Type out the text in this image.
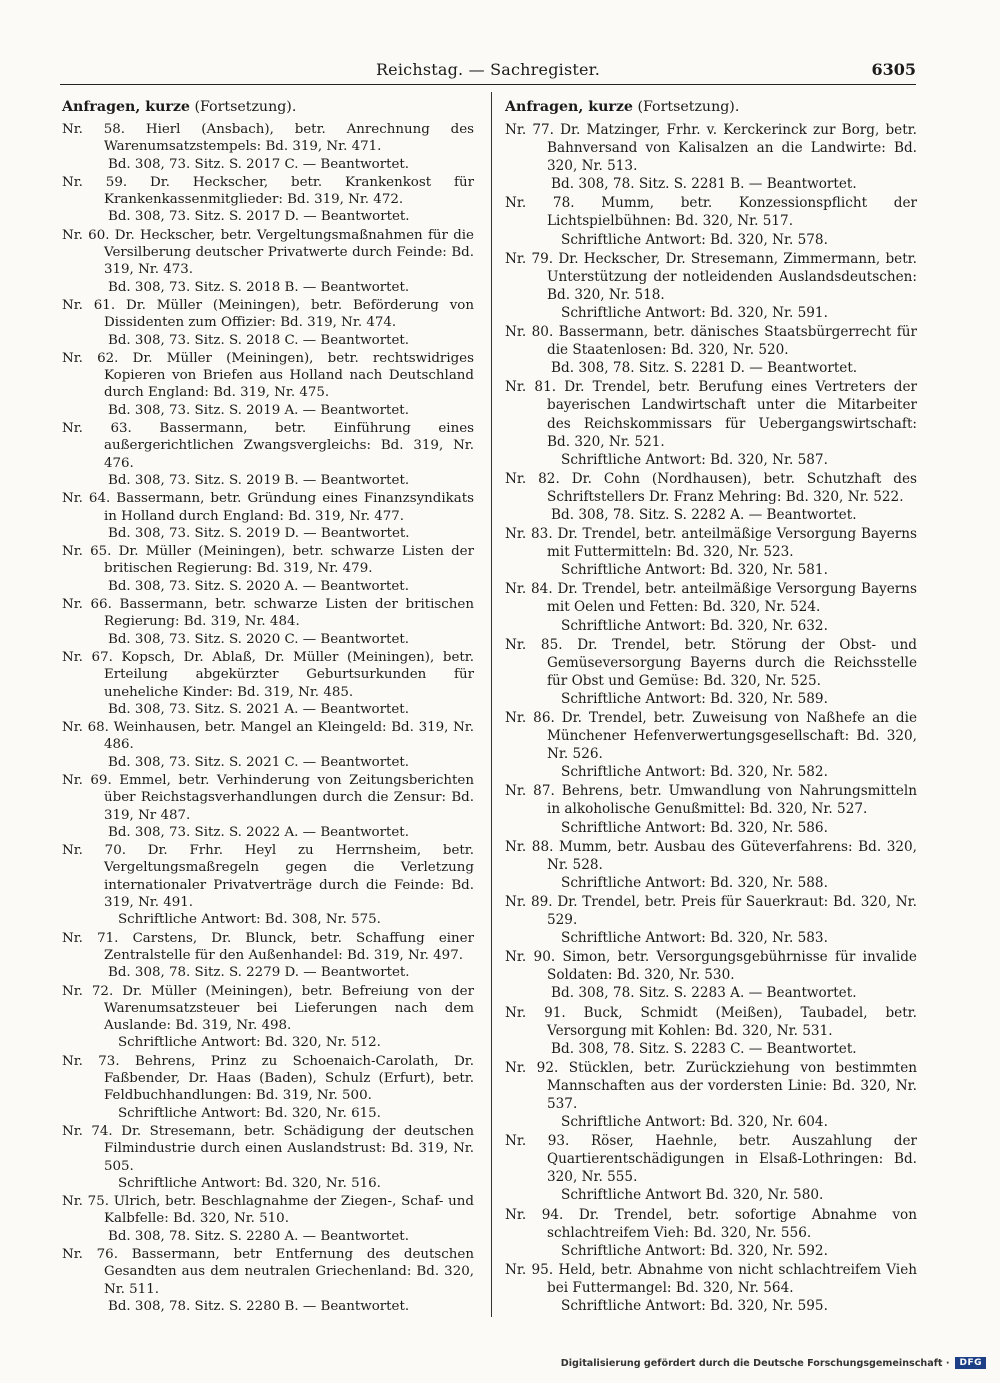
Reichstag. — Sachregister.	6305

Anfragen, kurze (Fortsetzung).

Nr. 58. Hierl (Ansbach), betr. Anrechnung des Warenumsatzstempels: Bd. 319, Nr. 471.
Bd. 308, 73. Sitz. S. 2017 C. — Beantwortet.

Nr. 59. Dr. Heckscher, betr. Krankenkost für Krankenkassenmitglieder: Bd. 319, Nr. 472.
Bd. 308, 73. Sitz. S. 2017 D. — Beantwortet.

Nr. 60. Dr. Heckscher, betr. Vergeltungsmaßnahmen für die Versilberung deutscher Privatwerte durch Feinde: Bd. 319, Nr. 473.
Bd. 308, 73. Sitz. S. 2018 B. — Beantwortet.

Nr. 61. Dr. Müller (Meiningen), betr. Beförderung von Dissidenten zum Offizier: Bd. 319, Nr. 474.
Bd. 308, 73. Sitz. S. 2018 C. — Beantwortet.

Nr. 62. Dr. Müller (Meiningen), betr. rechtswidriges Kopieren von Briefen aus Holland nach Deutschland durch England: Bd. 319, Nr. 475.
Bd. 308, 73. Sitz. S. 2019 A. — Beantwortet.

Nr. 63. Bassermann, betr. Einführung eines außergerichtlichen Zwangsvergleichs: Bd. 319, Nr. 476.
Bd. 308, 73. Sitz. S. 2019 B. — Beantwortet.

Nr. 64. Bassermann, betr. Gründung eines Finanzsyndikats in Holland durch England: Bd. 319, Nr. 477.
Bd. 308, 73. Sitz. S. 2019 D. — Beantwortet.

Nr. 65. Dr. Müller (Meiningen), betr. schwarze Listen der britischen Regierung: Bd. 319, Nr. 479.
Bd. 308, 73. Sitz. S. 2020 A. — Beantwortet.

Nr. 66. Bassermann, betr. schwarze Listen der britischen Regierung: Bd. 319, Nr. 484.
Bd. 308, 73. Sitz. S. 2020 C. — Beantwortet.

Nr. 67. Kopsch, Dr. Ablaß, Dr. Müller (Meiningen), betr. Erteilung abgekürzter Geburtsurkunden für uneheliche Kinder: Bd. 319, Nr. 485.
Bd. 308, 73. Sitz. S. 2021 A. — Beantwortet.

Nr. 68. Weinhausen, betr. Mangel an Kleingeld: Bd. 319, Nr. 486.
Bd. 308, 73. Sitz. S. 2021 C. — Beantwortet.

Nr. 69. Emmel, betr. Verhinderung von Zeitungsberichten über Reichstagsverhandlungen durch die Zensur: Bd. 319, Nr 487.
Bd. 308, 73. Sitz. S. 2022 A. — Beantwortet.

Nr. 70. Dr. Frhr. Heyl zu Herrnsheim, betr. Vergeltungsmaßregeln gegen die Verletzung internationaler Privatverträge durch die Feinde: Bd. 319, Nr. 491.
Schriftliche Antwort: Bd. 308, Nr. 575.

Nr. 71. Carstens, Dr. Blunck, betr. Schaffung einer Zentralstelle für den Außenhandel: Bd. 319, Nr. 497.
Bd. 308, 78. Sitz. S. 2279 D. — Beantwortet.

Nr. 72. Dr. Müller (Meiningen), betr. Befreiung von der Warenumsatzsteuer bei Lieferungen nach dem Auslande: Bd. 319, Nr. 498.
Schriftliche Antwort: Bd. 320, Nr. 512.

Nr. 73. Behrens, Prinz zu Schoenaich-Carolath, Dr. Faßbender, Dr. Haas (Baden), Schulz (Erfurt), betr. Feldbuchhandlungen: Bd. 319, Nr. 500.
Schriftliche Antwort: Bd. 320, Nr. 615.

Nr. 74. Dr. Stresemann, betr. Schädigung der deutschen Filmindustrie durch einen Auslandstrust: Bd. 319, Nr. 505.
Schriftliche Antwort: Bd. 320, Nr. 516.

Nr. 75. Ulrich, betr. Beschlagnahme der Ziegen-, Schaf- und Kalbfelle: Bd. 320, Nr. 510.
Bd. 308, 78. Sitz. S. 2280 A. — Beantwortet.

Nr. 76. Bassermann, betr Entfernung des deutschen Gesandten aus dem neutralen Griechenland: Bd. 320, Nr. 511.
Bd. 308, 78. Sitz. S. 2280 B. — Beantwortet.

Anfragen, kurze (Fortsetzung).

Nr. 77. Dr. Matzinger, Frhr. v. Kerckerinck zur Borg, betr. Bahnversand von Kalisalzen an die Landwirte: Bd. 320, Nr. 513.
Bd. 308, 78. Sitz. S. 2281 B. — Beantwortet.

Nr. 78. Mumm, betr. Konzessionspflicht der Lichtspielbühnen: Bd. 320, Nr. 517.
Schriftliche Antwort: Bd. 320, Nr. 578.

Nr. 79. Dr. Heckscher, Dr. Stresemann, Zimmermann, betr. Unterstützung der notleidenden Auslandsdeutschen: Bd. 320, Nr. 518.
Schriftliche Antwort: Bd. 320, Nr. 591.

Nr. 80. Bassermann, betr. dänisches Staatsbürgerrecht für die Staatenlosen: Bd. 320, Nr. 520.
Bd. 308, 78. Sitz. S. 2281 D. — Beantwortet.

Nr. 81. Dr. Trendel, betr. Berufung eines Vertreters der bayerischen Landwirtschaft unter die Mitarbeiter des Reichskommissars für Uebergangswirtschaft: Bd. 320, Nr. 521.
Schriftliche Antwort: Bd. 320, Nr. 587.

Nr. 82. Dr. Cohn (Nordhausen), betr. Schutzhaft des Schriftstellers Dr. Franz Mehring: Bd. 320, Nr. 522.
Bd. 308, 78. Sitz. S. 2282 A. — Beantwortet.

Nr. 83. Dr. Trendel, betr. anteilmäßige Versorgung Bayerns mit Futtermitteln: Bd. 320, Nr. 523.
Schriftliche Antwort: Bd. 320, Nr. 581.

Nr. 84. Dr. Trendel, betr. anteilmäßige Versorgung Bayerns mit Oelen und Fetten: Bd. 320, Nr. 524.
Schriftliche Antwort: Bd. 320, Nr. 632.

Nr. 85. Dr. Trendel, betr. Störung der Obst- und Gemüseversorgung Bayerns durch die Reichsstelle für Obst und Gemüse: Bd. 320, Nr. 525.
Schriftliche Antwort: Bd. 320, Nr. 589.

Nr. 86. Dr. Trendel, betr. Zuweisung von Naßhefe an die Münchener Hefenverwertungsgesellschaft: Bd. 320, Nr. 526.
Schriftliche Antwort: Bd. 320, Nr. 582.

Nr. 87. Behrens, betr. Umwandlung von Nahrungsmitteln in alkoholische Genußmittel: Bd. 320, Nr. 527.
Schriftliche Antwort: Bd. 320, Nr. 586.

Nr. 88. Mumm, betr. Ausbau des Güteverfahrens: Bd. 320, Nr. 528.
Schriftliche Antwort: Bd. 320, Nr. 588.

Nr. 89. Dr. Trendel, betr. Preis für Sauerkraut: Bd. 320, Nr. 529.
Schriftliche Antwort: Bd. 320, Nr. 583.

Nr. 90. Simon, betr. Versorgungsgebührnisse für invalide Soldaten: Bd. 320, Nr. 530.
Bd. 308, 78. Sitz. S. 2283 A. — Beantwortet.

Nr. 91. Buck, Schmidt (Meißen), Taubadel, betr. Versorgung mit Kohlen: Bd. 320, Nr. 531.
Bd. 308, 78. Sitz. S. 2283 C. — Beantwortet.

Nr. 92. Stücklen, betr. Zurückziehung von bestimmten Mannschaften aus der vordersten Linie: Bd. 320, Nr. 537.
Schriftliche Antwort: Bd. 320, Nr. 604.

Nr. 93. Röser, Haehnle, betr. Auszahlung der Quartierentschädigungen in Elsaß-Lothringen: Bd. 320, Nr. 555.
Schriftliche Antwort Bd. 320, Nr. 580.

Nr. 94. Dr. Trendel, betr. sofortige Abnahme von schlachtreifem Vieh: Bd. 320, Nr. 556.
Schriftliche Antwort: Bd. 320, Nr. 592.

Nr. 95. Held, betr. Abnahme von nicht schlachtreifem Vieh bei Futtermangel: Bd. 320, Nr. 564.
Schriftliche Antwort: Bd. 320, Nr. 595.

Digitalisierung gefördert durch die Deutsche Forschungsgemeinschaft ·	DFG
